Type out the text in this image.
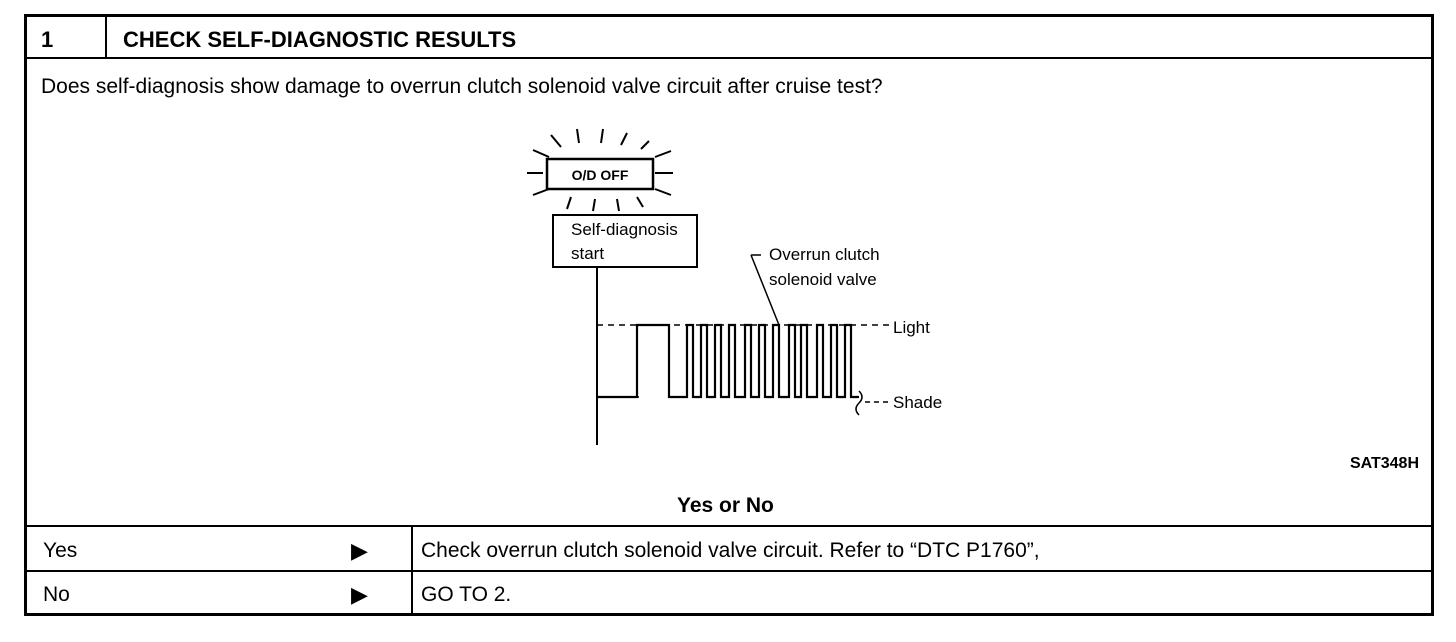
1	CHECK SELF-DIAGNOSTIC RESULTS
Does self-diagnosis show damage to overrun clutch solenoid valve circuit after cruise test?
O/D OFF
Self-diagnosis
start	Overrun clutch
solenoid valve
Light
Shade
SAT348H
Yes or No
Yes	▶	Check overrun clutch solenoid valve circuit. Refer to “DTC P1760”,
No	▶	GO TO 2.
